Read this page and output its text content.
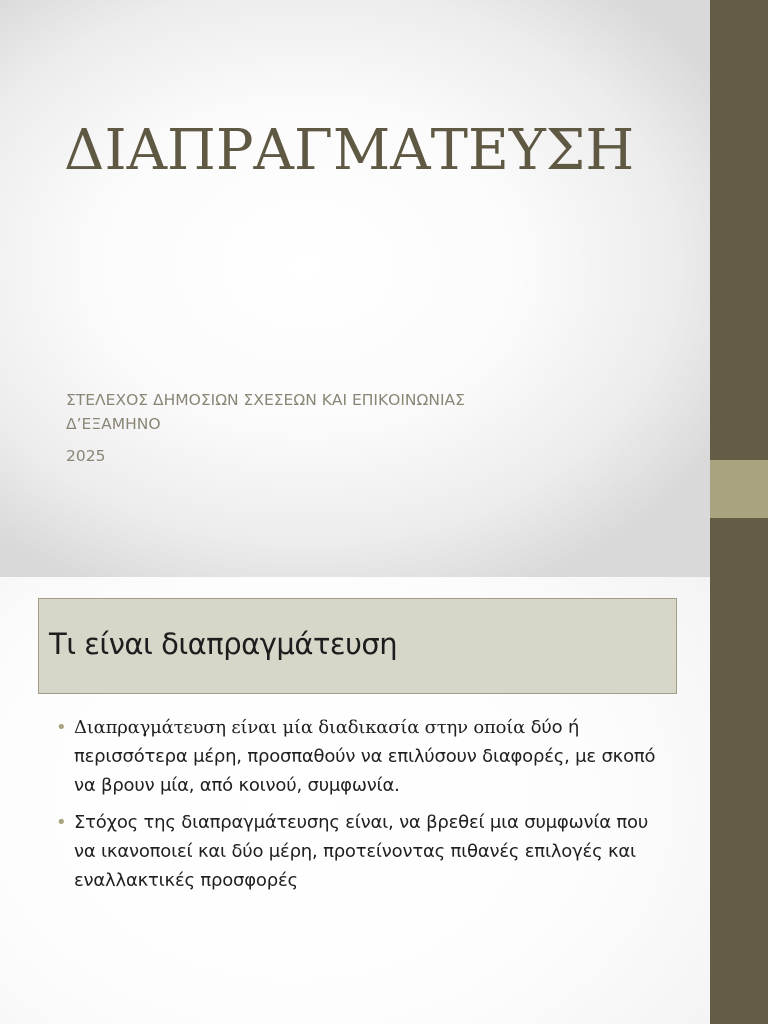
ΔΙΑΠΡΑΓΜΑΤΕΥΣΗ
ΣΤΕΛΕΧΟΣ ΔΗΜΟΣΙΩΝ ΣΧΕΣΕΩΝ ΚΑΙ ΕΠΙΚΟΙΝΩΝΙΑΣ
Δ’ΕΞΑΜΗΝΟ
2025
Τι είναι διαπραγμάτευση
• Διαπραγμάτευση είναι μία διαδικασία στην οποία δύο ή περισσότερα μέρη, προσπαθούν να επιλύσουν διαφορές, με σκοπό να βρουν μία, από κοινού, συμφωνία.
• Στόχος της διαπραγμάτευσης είναι, να βρεθεί μια συμφωνία που να ικανοποιεί και δύο μέρη, προτείνοντας πιθανές επιλογές και εναλλακτικές προσφορές
